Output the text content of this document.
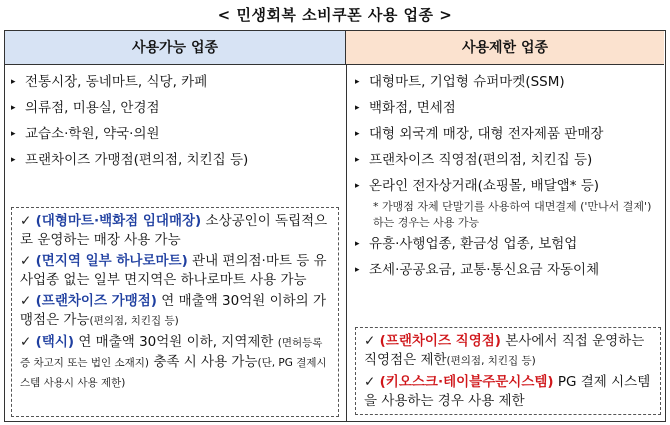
< 민생회복 소비쿠폰 사용 업종 >
사용가능 업종	사용제한 업종
▸ 전통시장, 동네마트, 식당, 카페
▸ 의류점, 미용실, 안경점
▸ 교습소·학원, 약국·의원
▸ 프랜차이즈 가맹점(편의점, 치킨집 등)
✓ (대형마트·백화점 임대매장) 소상공인이 독립적으로 운영하는 매장 사용 가능
✓ (면지역 일부 하나로마트) 관내 편의점·마트 등 유사업종 없는 일부 면지역은 하나로마트 사용 가능
✓ (프랜차이즈 가맹점) 연 매출액 30억원 이하의 가맹점은 가능(편의점, 치킨집 등)
✓ (택시) 연 매출액 30억원 이하, 지역제한 (면허등록증 차고지 또는 법인 소재지) 충족 시 사용 가능(단, PG 결제시스템 사용시 사용 제한)
▸ 대형마트, 기업형 슈퍼마켓(SSM)
▸ 백화점, 면세점
▸ 대형 외국계 매장, 대형 전자제품 판매장
▸ 프랜차이즈 직영점(편의점, 치킨집 등)
▸ 온라인 전자상거래(쇼핑몰, 배달앱* 등)
* 가맹점 자체 단말기를 사용하여 대면결제 ('만나서 결제')하는 경우는 사용 가능
▸ 유흥·사행업종, 환금성 업종, 보험업
▸ 조세·공공요금, 교통·통신요금 자동이체
✓ (프랜차이즈 직영점) 본사에서 직접 운영하는 직영점은 제한(편의점, 치킨집 등)
✓ (키오스크·테이블주문시스템) PG 결제 시스템을 사용하는 경우 사용 제한
